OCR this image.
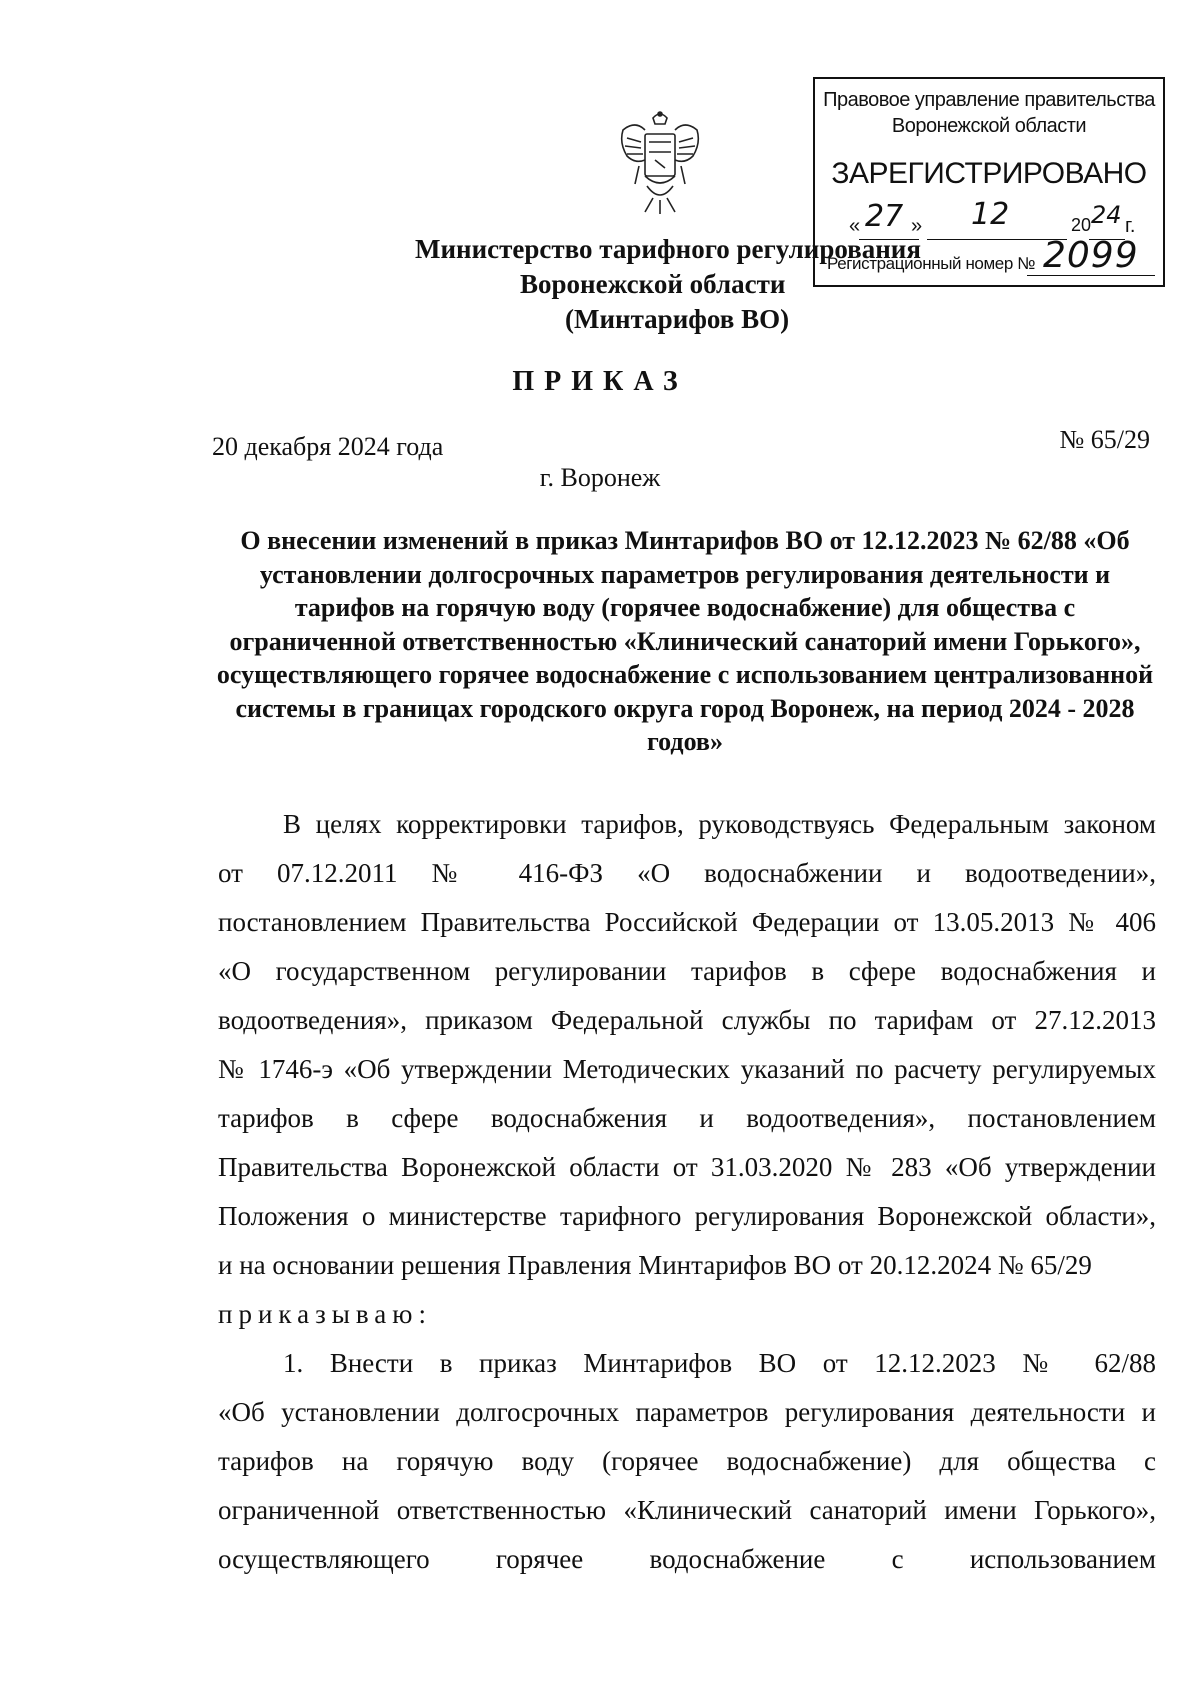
Правовое управление правительства
Воронежской области
ЗАРЕГИСТРИРОВАНО
« 27 » 12	20 24 г.
Регистрационный номер № 2099
Министерство тарифного регулирования
Воронежской области
(Минтарифов ВО)
ПРИКАЗ
20 декабря 2024 года	№ 65/29
г. Воронеж
О внесении изменений в приказ Минтарифов ВО от 12.12.2023 № 62/88 «Об установлении долгосрочных параметров регулирования деятельности и тарифов на горячую воду (горячее водоснабжение) для общества с ограниченной ответственностью «Клинический санаторий имени Горького», осуществляющего горячее водоснабжение с использованием централизованной системы в границах городского округа город Воронеж, на период 2024 - 2028 годов»
В целях корректировки тарифов, руководствуясь Федеральным законом
от 07.12.2011 № 416-ФЗ «О водоснабжении и водоотведении»,
постановлением Правительства Российской Федерации от 13.05.2013 № 406
«О государственном регулировании тарифов в сфере водоснабжения и
водоотведения», приказом Федеральной службы по тарифам от 27.12.2013
№ 1746-э «Об утверждении Методических указаний по расчету регулируемых
тарифов в сфере водоснабжения и водоотведения», постановлением
Правительства Воронежской области от 31.03.2020 № 283 «Об утверждении
Положения о министерстве тарифного регулирования Воронежской области»,
и на основании решения Правления Минтарифов ВО от 20.12.2024 № 65/29
приказываю:
1. Внести в приказ Минтарифов ВО от 12.12.2023 № 62/88
«Об установлении долгосрочных параметров регулирования деятельности и
тарифов на горячую воду (горячее водоснабжение) для общества с
ограниченной ответственностью «Клинический санаторий имени Горького»,
осуществляющего горячее водоснабжение с использованием
